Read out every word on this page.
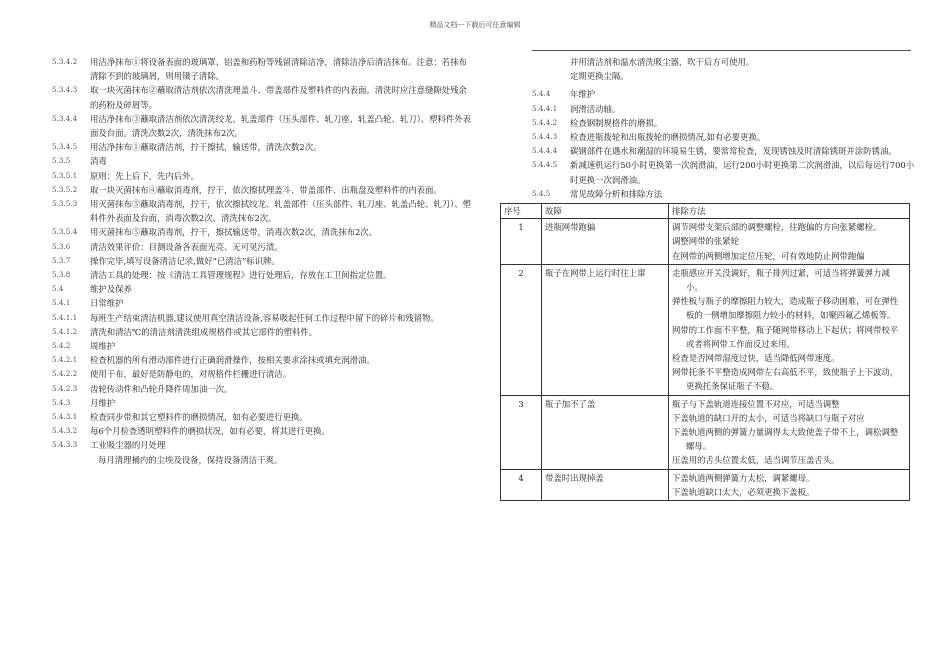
精品文档---下载后可任意编辑
5.3.4.2	用洁净抹布①将设备表面的玻璃罩、铝盖和药粉等残留清除洁净，清除洁净后清洁抹布。注意：若抹布清除不到的玻璃屑，则用镊子清除。
5.3.4.3	取一块灭菌抹布②蘸取清洁剂依次清洗理盖斗、带盖部件及塑料件的内表面。清洗时应注意缝隙处残余的药粉及碎屑等。
5.3.4.4	用洁净抹布③蘸取清洁剂依次清洗绞龙、轧盖部件（压头部件、轧刀座、轧盖凸轮、轧刀）、塑料件外表面及台面。清洗次数2次，清洗抹布2次。
5.3.4.5	用洁净抹布①蘸取清洁剂，拧干擦拭，输送带，清洗次数2次。
5.3.5	消毒
5.3.5.1	原则：先上后下，先内后外。
5.3.5.2	取一块灭菌抹布④蘸取消毒剂，拧干，依次擦拭理盖斗、带盖部件、出瓶盘及塑料件的内表面。
5.3.5.3	用灭菌抹布⑤蘸取消毒剂，拧干，依次擦拭绞龙、轧盖部件（压头部件、轧刀座、轧盖凸轮、轧刀）、塑料件外表面及台面，消毒次数2次，清洗抹布2次。
5.3.5.4	用灭菌抹布⑤蘸取消毒剂，拧干，擦拭输送带，消毒次数2次，清洗抹布2次。
5.3.6	清洁效果评价：目测设备各表面光亮、无可见污渍。
5.3.7	操作完毕,填写设备清洁记录,做好“已清洁”标识牌。
5.3.8	清洁工具的处理：按《清洁工具管理规程》进行处理后，存放在工卫间指定位置。
5.4	维护及保养
5.4.1	日常维护
5.4.1.1	每班生产结束清洁机器,建议使用真空清洁设备,容易吸起任何工作过程中留下的碎片和残留物。
5.4.1.2	清洗和清洁℃的清洁剂清洗组成规格件或其它部件的塑料件。
5.4.2	周维护
5.4.2.1	检查机器的所有滑动部件进行正确润滑操作，按相关要求涂抹或填充润滑油。
5.4.2.2	使用干布，最好是防静电的，对规格件栏栅进行清洁。
5.4.2.3	齿轮传动件和凸轮升降件周加油一次。
5.4.3	月维护
5.4.3.1	检查同步带和其它塑料件的磨损情况，如有必要进行更换。
5.4.3.2	每6个月检查透明塑料件的磨损状况，如有必要，将其进行更换。
5.4.3.3	工业吸尘器的月处理
每月清理桶内的尘埃及设备，保持设备清洁干爽。
并用清洁剂和温水清洗吸尘器，吹干后方可使用。
定期更换尘隔。
5.4.4	年维护
5.4.4.1	润滑活动轴。
5.4.4.2	检查钢制规格件的磨损。
5.4.4.3	检查进瓶拨轮和出瓶拨轮的磨损情况,如有必要更换。
5.4.4.4	碳钢部件在遇水和潮湿的环境易生锈，要常常检查，发现锈蚀及时清除锈斑并涂防锈油。
5.4.4.5	新减速机运行50小时更换第一次润滑油，运行200小时更换第二次润滑油，以后每运行700小时更换一次润滑油。
5.4.5	常见故障分析和排除方法
序号	故障	排除方法
1	进瓶网带跑偏	调节网带支架后部的调整螺栓，往跑偏的方向张紧螺栓。
调整网带的张紧轮
在网带的两侧增加定位压轮，可有效地防止网带跑偏

2	瓶子在网带上运行时往上窜	走瓶感应开关没调好，瓶子排列过紧，可适当将弹簧弹力减小。
弹性板与瓶子的摩擦阻力较大，造成瓶子移动困难，可在弹性板的一侧增加摩擦阻力较小的材料，如聚四氟乙烯板等。
网带的工作面不平整，瓶子随网带移动上下起伏；将网带校平或者将网带工作面反过来用。
检查是否网带湿度过快，适当降低网带速度。
网带托条不平整造成网带左右高低不平，致使瓶子上下波动，更换托条保证瓶子不稳。

3	瓶子加不了盖	瓶子与下盖轨道连接位置不对应，可适当调整
下盖轨道的缺口开的太小，可适当将缺口与瓶子对应
下盖轨道两侧的弹簧力量调得太大致使盖子带不上，调松调整螺母。
压盖用的舌头位置太低，适当调节压盖舌头。

4	带盖时出现掉盖	下盖轨道两侧弹簧力太松，调紧螺母。
下盖轨道缺口太大，必须更换下盖板。
